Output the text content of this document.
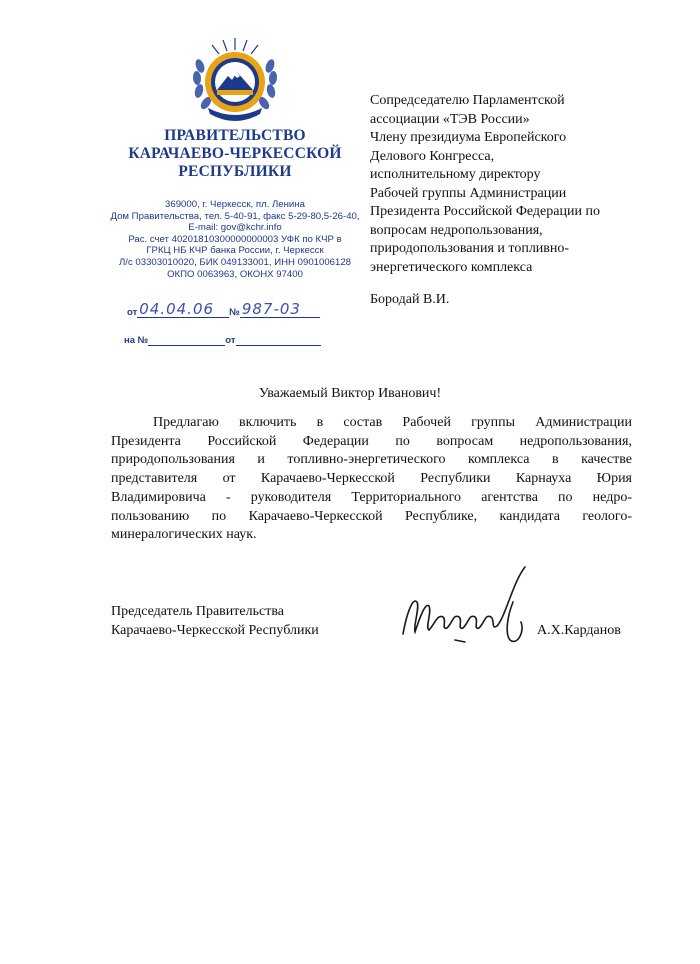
ПРАВИТЕЛЬСТВО
КАРАЧАЕВО-ЧЕРКЕССКОЙ
РЕСПУБЛИКИ
369000, г. Черкесск, пл. Ленина
Дом Правительства, тел. 5-40-91, факс 5-29-80,5-26-40,
E-mail: gov@kchr.info
Рас. счет 40201810300000000003 УФК по КЧР в
ГРКЦ НБ КЧР банка России, г. Черкесск
Л/с 03303010020, БИК 049133001, ИНН 0901006128
ОКПО 0063963, ОКОНХ 97400
от 04.04.06 № 987-03
на №	от
Сопредседателю Парламентской
ассоциации «ТЭВ России»
Члену президиума Европейского
Делового Конгресса,
исполнительному директору
Рабочей группы Администрации
Президента Российской Федерации по
вопросам недропользования,
природопользования и топливно-
энергетического комплекса
Бородай В.И.
Уважаемый Виктор Иванович!
Предлагаю включить в состав Рабочей группы Администрации
Президента Российской Федерации по вопросам недропользования,
природопользования и топливно-энергетического комплекса в качестве
представителя от Карачаево-Черкесской Республики Карнауха Юрия
Владимировича - руководителя Территориального агентства по недро-
пользованию по Карачаево-Черкесской Республике, кандидата геолого-
минералогических наук.
Председатель Правительства
Карачаево-Черкесской Республики	А.Х.Карданов
